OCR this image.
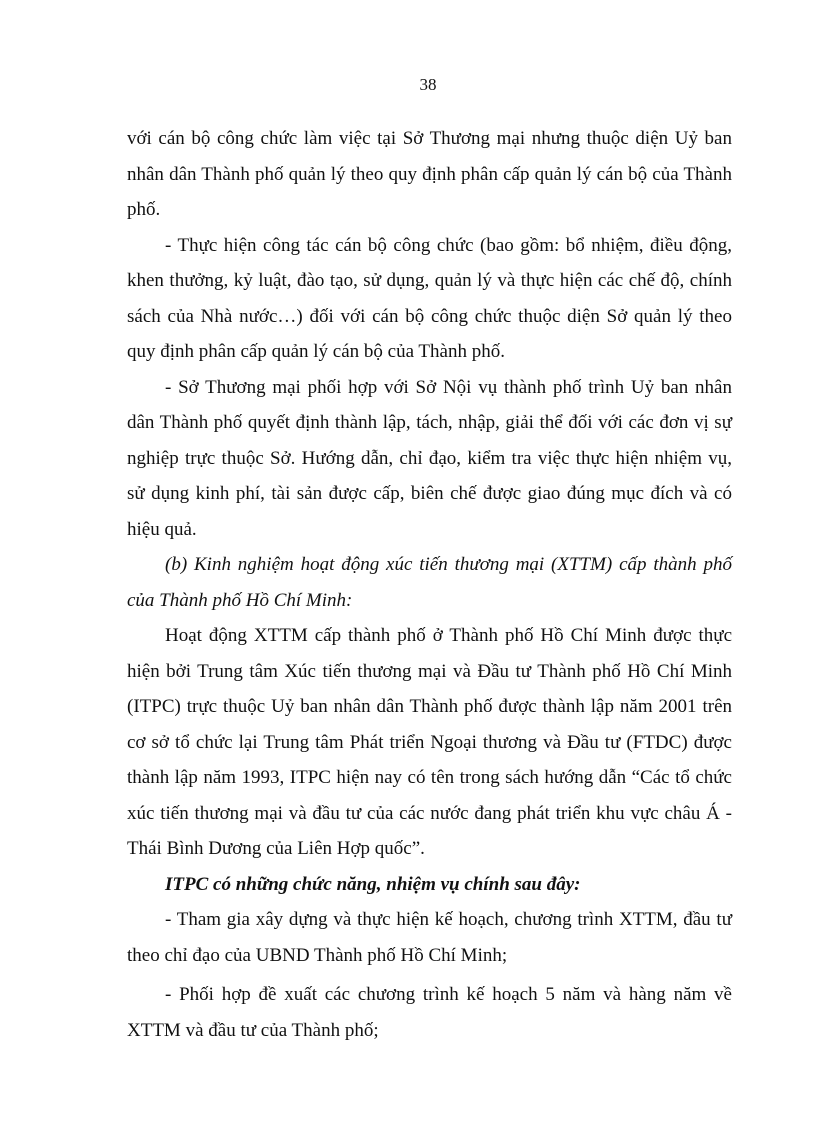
38

với cán bộ công chức làm việc tại Sở Thương mại nhưng thuộc diện Uỷ ban nhân dân Thành phố quản lý theo quy định phân cấp quản lý cán bộ của Thành phố.

- Thực hiện công tác cán bộ công chức (bao gồm: bổ nhiệm, điều động, khen thưởng, kỷ luật, đào tạo, sử dụng, quản lý và thực hiện các chế độ, chính sách của Nhà nước…) đối với cán bộ công chức thuộc diện Sở quản lý theo quy định phân cấp quản lý cán bộ của Thành phố.

- Sở Thương mại phối hợp với Sở Nội vụ thành phố trình Uỷ ban nhân dân Thành phố quyết định thành lập, tách, nhập, giải thể đối với các đơn vị sự nghiệp trực thuộc Sở. Hướng dẫn, chỉ đạo, kiểm tra việc thực hiện nhiệm vụ, sử dụng kinh phí, tài sản được cấp, biên chế được giao đúng mục đích và có hiệu quả.

(b) Kinh nghiệm hoạt động xúc tiến thương mại (XTTM) cấp thành phố của Thành phố Hồ Chí Minh:

Hoạt động XTTM cấp thành phố ở Thành phố Hồ Chí Minh được thực hiện bởi Trung tâm Xúc tiến thương mại và Đầu tư Thành phố Hồ Chí Minh (ITPC) trực thuộc Uỷ ban nhân dân Thành phố được thành lập năm 2001 trên cơ sở tổ chức lại Trung tâm Phát triển Ngoại thương và Đầu tư (FTDC) được thành lập năm 1993, ITPC hiện nay có tên trong sách hướng dẫn “Các tổ chức xúc tiến thương mại và đầu tư của các nước đang phát triển khu vực châu Á - Thái Bình Dương của Liên Hợp quốc”.

ITPC có những chức năng, nhiệm vụ chính sau đây:

- Tham gia xây dựng và thực hiện kế hoạch, chương trình XTTM, đầu tư theo chỉ đạo của UBND Thành phố Hồ Chí Minh;

- Phối hợp đề xuất các chương trình kế hoạch 5 năm và hàng năm về XTTM và đầu tư của Thành phố;
